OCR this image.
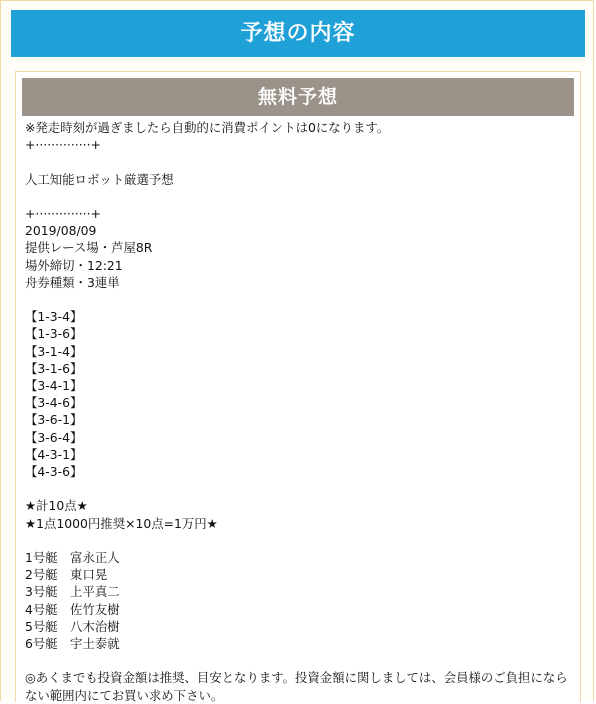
予想の内容
無料予想
※発走時刻が過ぎましたら自動的に消費ポイントは0になります。
+··············+
人工知能ロボット厳選予想
+··············+
2019/08/09
提供レース場・芦屋8R
場外締切・12:21
舟券種類・3連単
【1-3-4】
【1-3-6】
【3-1-4】
【3-1-6】
【3-4-1】
【3-4-6】
【3-6-1】
【3-6-4】
【4-3-1】
【4-3-6】
★計10点★
★1点1000円推奨×10点=1万円★
1号艇　富永正人
2号艇　東口晃
3号艇　上平真二
4号艇　佐竹友樹
5号艇　八木治樹
6号艇　宇土泰就
◎あくまでも投資金額は推奨、目安となります。投資金額に関しましては、会員様のご負担にならない範囲内にてお買い求め下さい。
